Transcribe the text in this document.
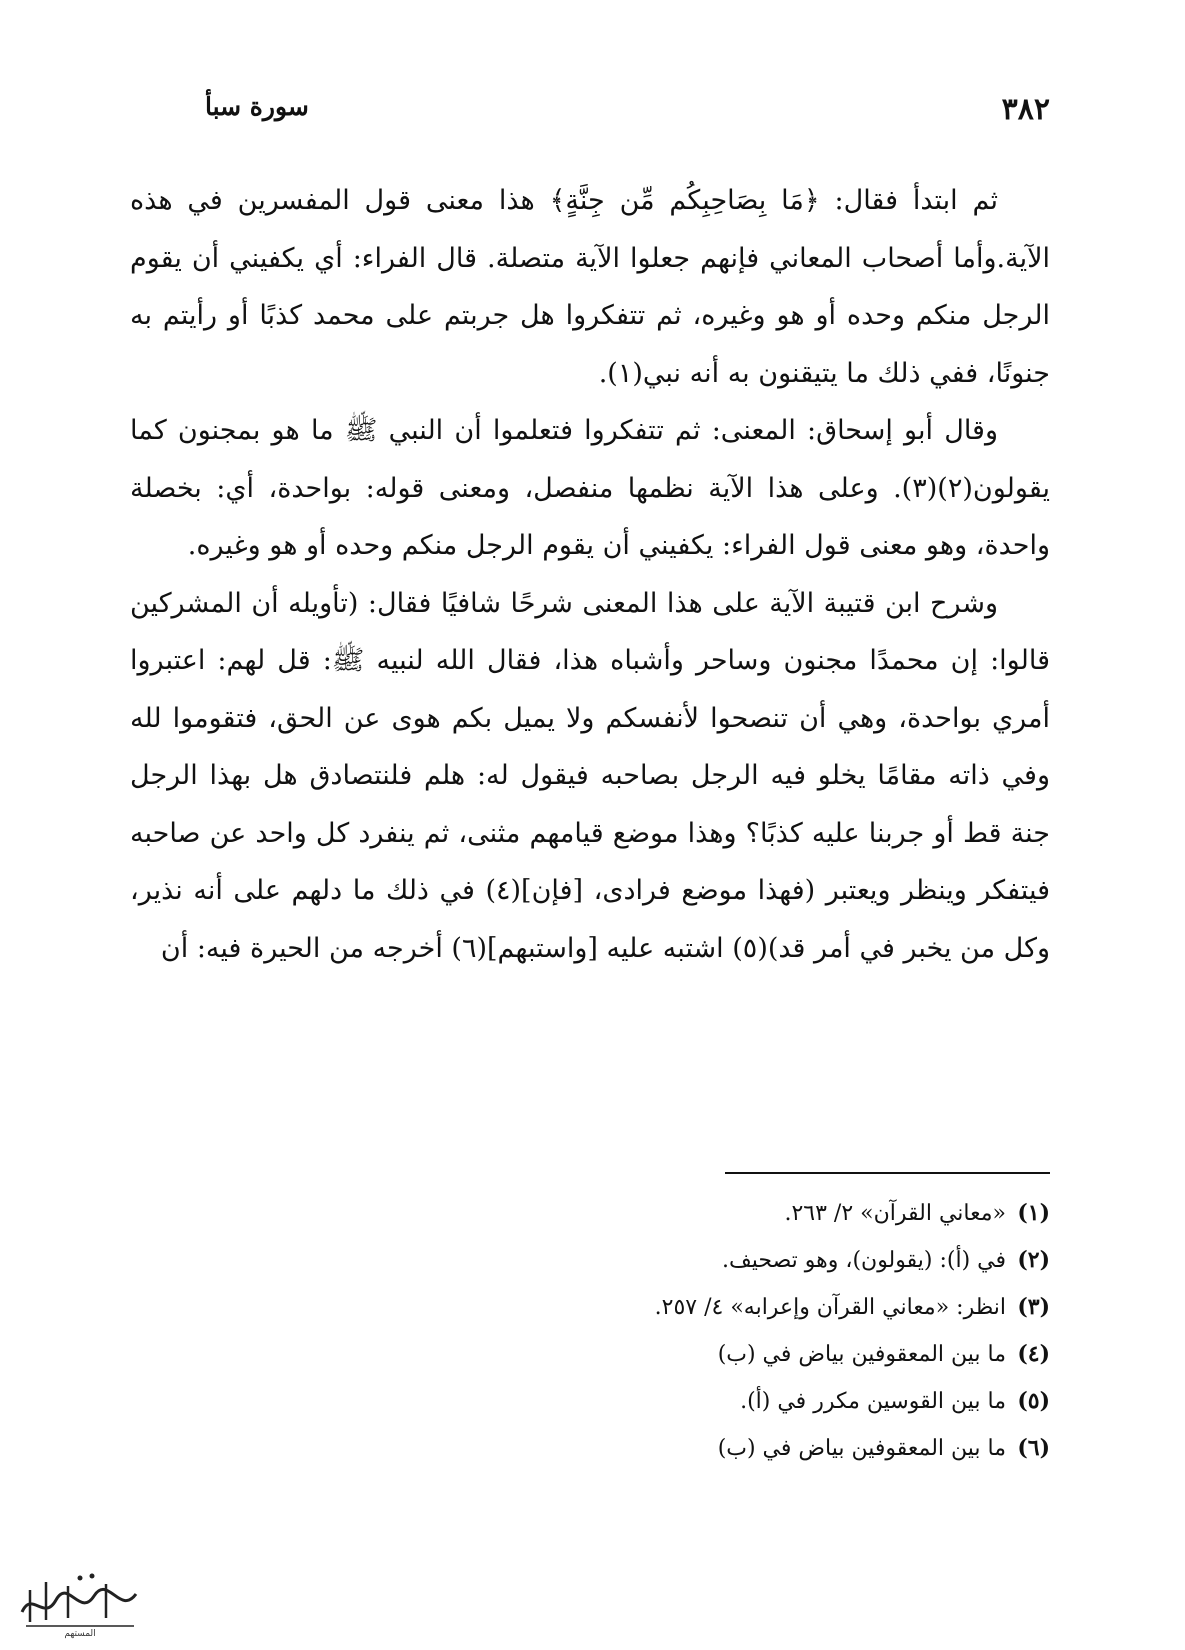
٣٨٢
سورة سبأ

ثم ابتدأ فقال: ﴿مَا بِصَاحِبِكُم مِّن جِنَّةٍ﴾ هذا معنى قول المفسرين في هذه الآية.وأما أصحاب المعاني فإنهم جعلوا الآية متصلة. قال الفراء: أي يكفيني أن يقوم الرجل منكم وحده أو هو وغيره، ثم تتفكروا هل جربتم على محمد كذبًا أو رأيتم به جنونًا، ففي ذلك ما يتيقنون به أنه نبي(١).

وقال أبو إسحاق: المعنى: ثم تتفكروا فتعلموا أن النبي ﷺ ما هو بمجنون كما يقولون(٢)(٣). وعلى هذا الآية نظمها منفصل، ومعنى قوله: بواحدة، أي: بخصلة واحدة، وهو معنى قول الفراء: يكفيني أن يقوم الرجل منكم وحده أو هو وغيره.

وشرح ابن قتيبة الآية على هذا المعنى شرحًا شافيًا فقال: (تأويله أن المشركين قالوا: إن محمدًا مجنون وساحر وأشباه هذا، فقال الله لنبيه ﷺ: قل لهم: اعتبروا أمري بواحدة، وهي أن تنصحوا لأنفسكم ولا يميل بكم هوى عن الحق، فتقوموا لله وفي ذاته مقامًا يخلو فيه الرجل بصاحبه فيقول له: هلم فلنتصادق هل بهذا الرجل جنة قط أو جربنا عليه كذبًا؟ وهذا موضع قيامهم مثنى، ثم ينفرد كل واحد عن صاحبه فيتفكر وينظر ويعتبر (فهذا موضع فرادى، [فإن](٤) في ذلك ما دلهم على أنه نذير، وكل من يخبر في أمر قد)(٥) اشتبه عليه [واستبهم](٦) أخرجه من الحيرة فيه: أن

(١)«معاني القرآن» ٢/ ٢٦٣.
(٢)في (أ): (يقولون)، وهو تصحيف.
(٣)انظر: «معاني القرآن وإعرابه» ٤/ ٢٥٧.
(٤)ما بين المعقوفين بياض في (ب)
(٥)ما بين القوسين مكرر في (أ).
(٦)ما بين المعقوفين بياض في (ب)
المستهم
